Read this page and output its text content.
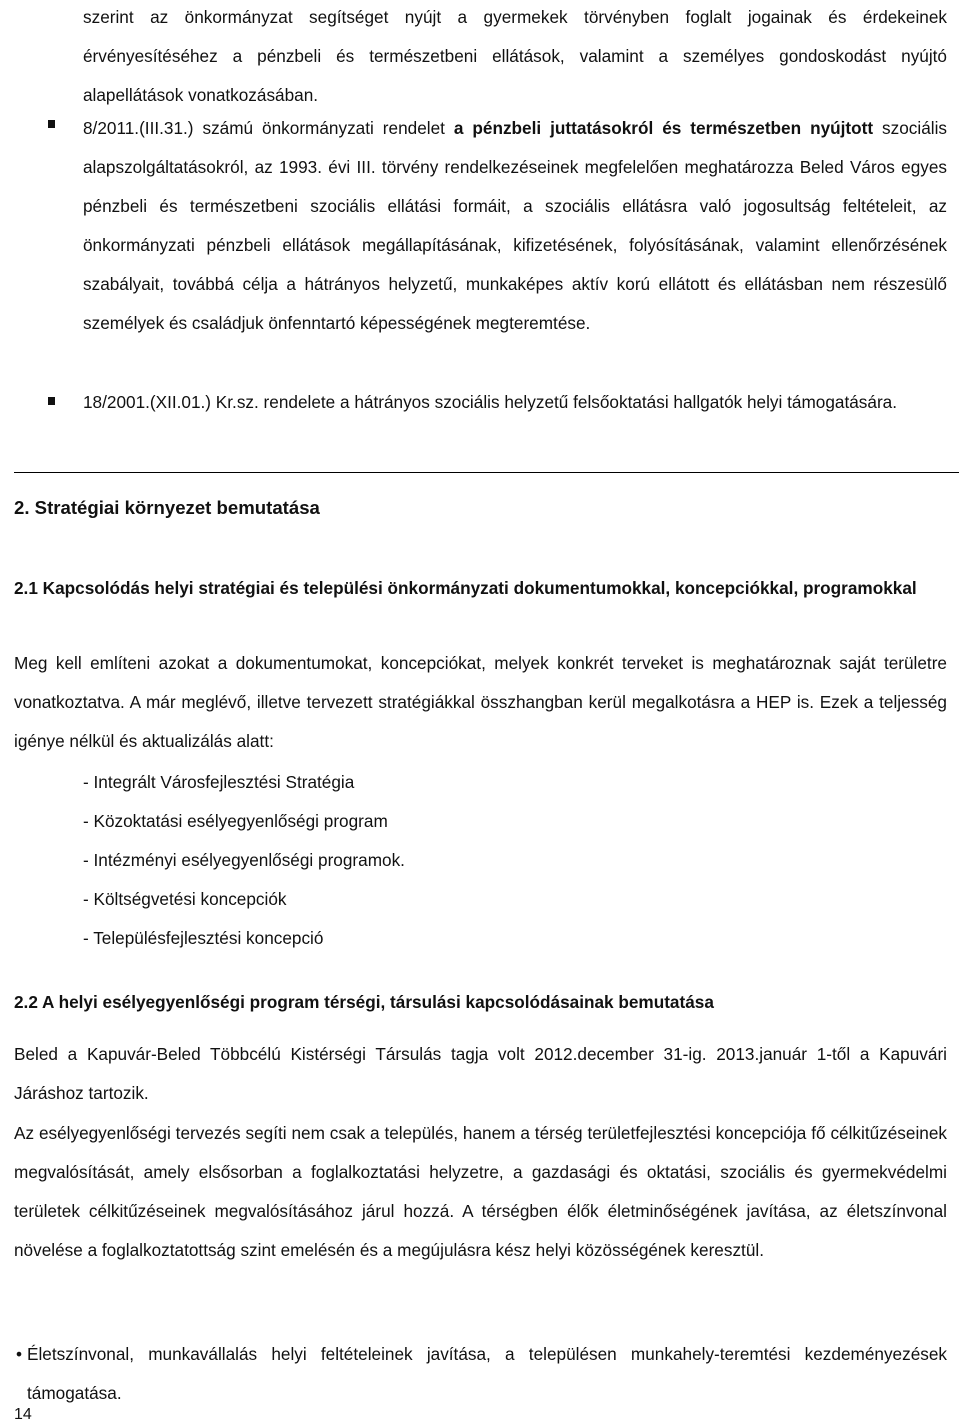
szerint az önkormányzat segítséget nyújt a gyermekek törvényben foglalt jogainak és érdekeinek érvényesítéséhez a pénzbeli és természetbeni ellátások, valamint a személyes gondoskodást nyújtó alapellátások vonatkozásában.
8/2011.(III.31.) számú önkormányzati rendelet a pénzbeli juttatásokról és természetben nyújtott szociális alapszolgáltatásokról, az 1993. évi III. törvény rendelkezéseinek megfelelően meghatározza Beled Város egyes pénzbeli és természetbeni szociális ellátási formáit, a szociális ellátásra való jogosultság feltételeit, az önkormányzati pénzbeli ellátások megállapításának, kifizetésének, folyósításának, valamint ellenőrzésének szabályait, továbbá célja a hátrányos helyzetű, munkaképes aktív korú ellátott és ellátásban nem részesülő személyek és családjuk önfenntartó képességének megteremtése.
18/2001.(XII.01.) Kr.sz. rendelete a hátrányos szociális helyzetű felsőoktatási hallgatók helyi támogatására.
2. Stratégiai környezet bemutatása
2.1 Kapcsolódás helyi stratégiai és települési önkormányzati dokumentumokkal, koncepciókkal, programokkal
Meg kell említeni azokat a dokumentumokat, koncepciókat, melyek konkrét terveket is meghatároznak saját területre vonatkoztatva. A már meglévő, illetve tervezett stratégiákkal összhangban kerül megalkotásra a HEP is. Ezek a teljesség igénye nélkül és aktualizálás alatt:
- Integrált Városfejlesztési Stratégia
- Közoktatási esélyegyenlőségi program
- Intézményi esélyegyenlőségi programok.
- Költségvetési koncepciók
- Településfejlesztési koncepció
2.2 A helyi esélyegyenlőségi program térségi, társulási kapcsolódásainak bemutatása
Beled a Kapuvár-Beled Többcélú Kistérségi Társulás tagja volt 2012.december 31-ig. 2013.január 1-től a Kapuvári Járáshoz tartozik.
Az esélyegyenlőségi tervezés segíti nem csak a település, hanem a térség területfejlesztési koncepciója fő célkitűzéseinek megvalósítását, amely elsősorban a foglalkoztatási helyzetre, a gazdasági és oktatási, szociális és gyermekvédelmi területek célkitűzéseinek megvalósításához járul hozzá. A térségben élők életminőségének javítása, az életszínvonal növelése a foglalkoztatottság szint emelésén és a megújulásra kész helyi közösségének keresztül.
• Életszínvonal, munkavállalás helyi feltételeinek javítása, a településen munkahely-teremtési kezdeményezések támogatása.
14
